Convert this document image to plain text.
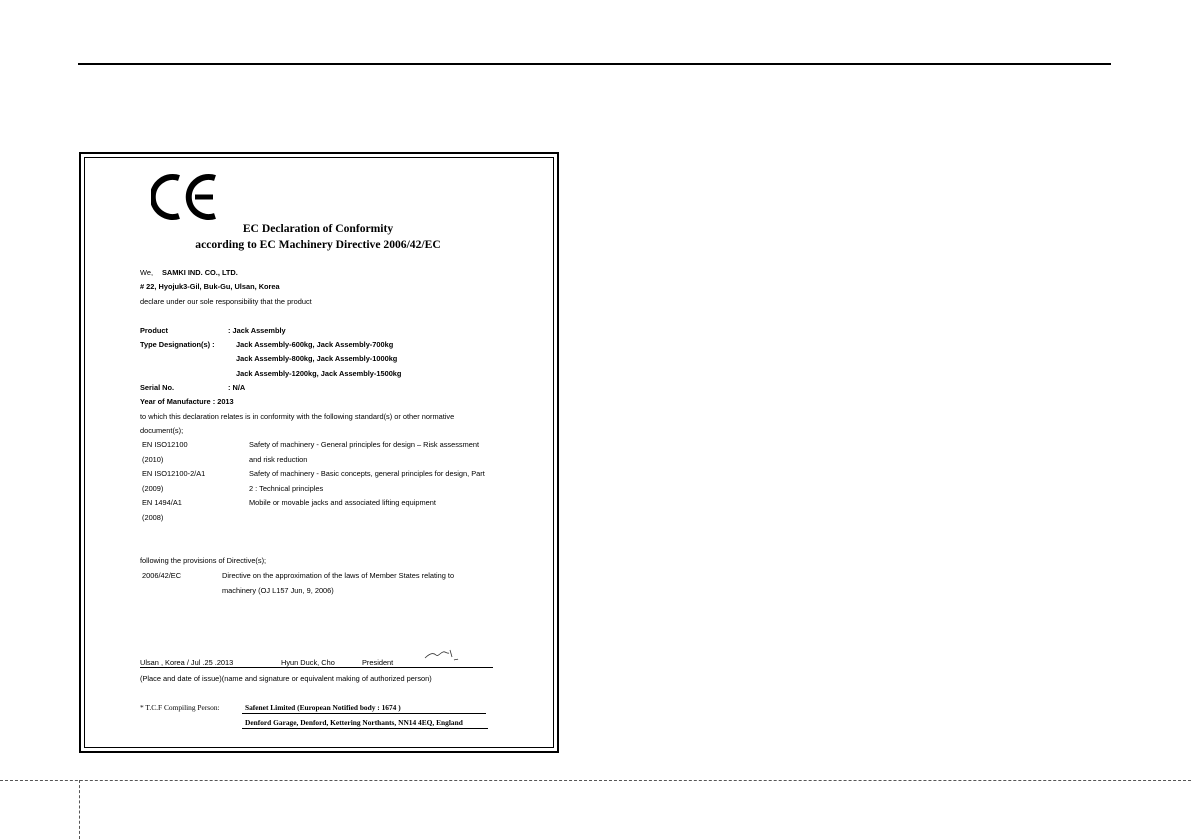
EC Declaration of Conformity
according to EC Machinery Directive 2006/42/EC
We, SAMKI IND. CO., LTD.
# 22, Hyojuk3-Gil, Buk-Gu, Ulsan, Korea
declare under our sole responsibility that the product
Product	: Jack Assembly
Type Designation(s) :	Jack Assembly-600kg, Jack Assembly-700kg
Jack Assembly-800kg, Jack Assembly-1000kg
Jack Assembly-1200kg, Jack Assembly-1500kg
Serial No.	: N/A
Year of Manufacture : 2013
to which this declaration relates is in conformity with the following standard(s) or other normative
document(s);
EN ISO12100	Safety of machinery - General principles for design – Risk assessment
(2010)	and risk reduction
EN ISO12100-2/A1	Safety of machinery - Basic concepts, general principles for design, Part
(2009)	2 : Technical principles
EN 1494/A1	Mobile or movable jacks and associated lifting equipment
(2008)
following the provisions of Directive(s);
2006/42/EC	Directive on the approximation of the laws of Member States relating to
machinery (OJ L157 Jun, 9, 2006)
Ulsan , Korea / Jul .25 .2013	Hyun Duck, Cho	President
(Place and date of issue)(name and signature or equivalent making of authorized person)
* T.C.F Compiling Person:	Safenet Limited (European Notified body : 1674 )
Denford Garage, Denford, Kettering Northants, NN14 4EQ, England
